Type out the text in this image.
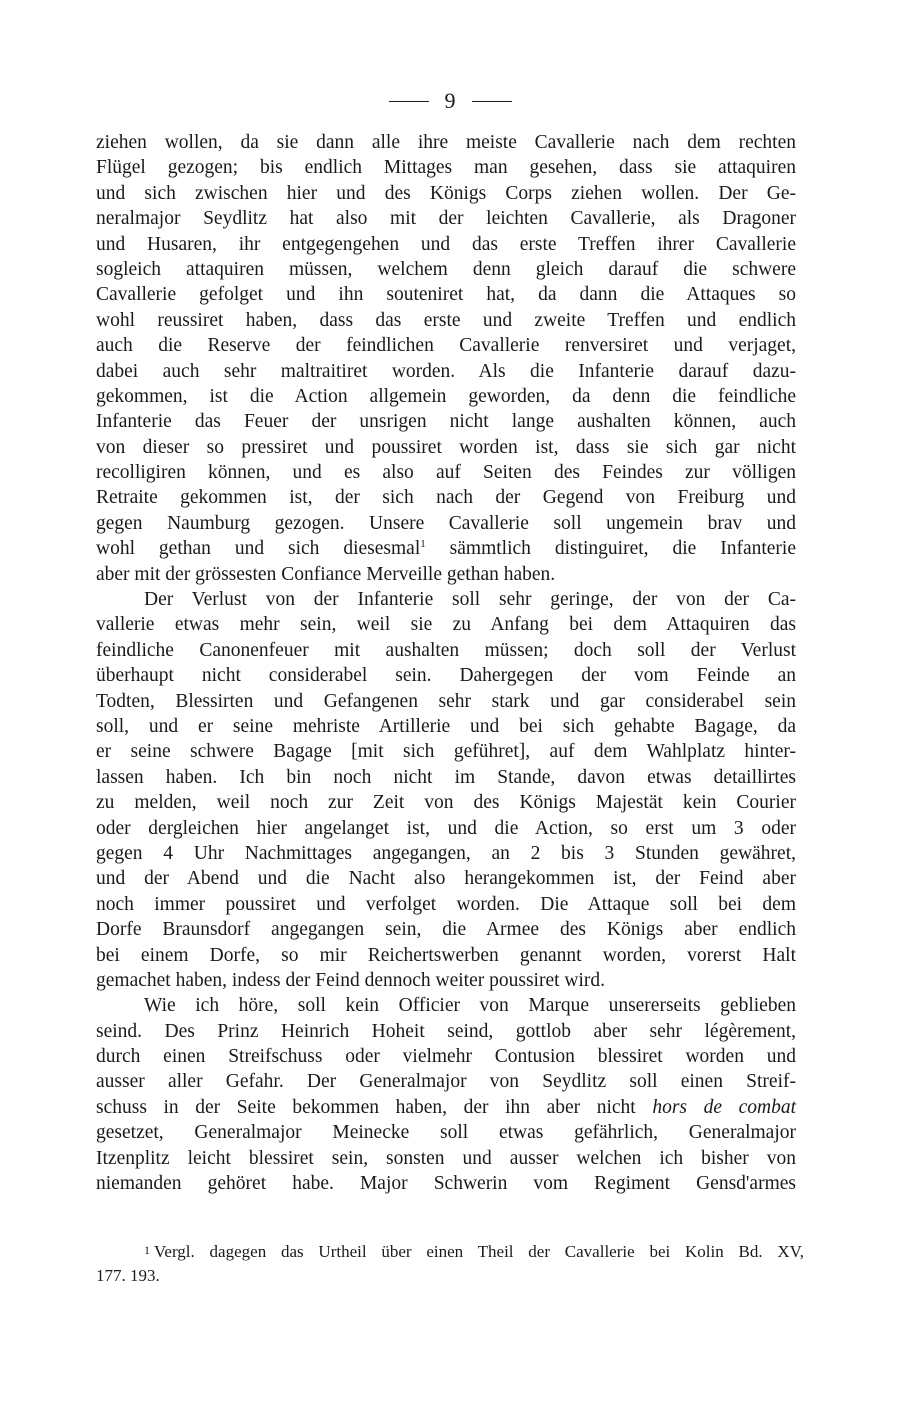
9
ziehen wollen, da sie dann alle ihre meiste Cavallerie nach dem rechten
Flügel gezogen; bis endlich Mittages man gesehen, dass sie attaquiren
und sich zwischen hier und des Königs Corps ziehen wollen. Der Ge-
neralmajor Seydlitz hat also mit der leichten Cavallerie, als Dragoner
und Husaren, ihr entgegengehen und das erste Treffen ihrer Cavallerie
sogleich attaquiren müssen, welchem denn gleich darauf die schwere
Cavallerie gefolget und ihn souteniret hat, da dann die Attaques so
wohl reussiret haben, dass das erste und zweite Treffen und endlich
auch die Reserve der feindlichen Cavallerie renversiret und verjaget,
dabei auch sehr maltraitiret worden. Als die Infanterie darauf dazu-
gekommen, ist die Action allgemein geworden, da denn die feindliche
Infanterie das Feuer der unsrigen nicht lange aushalten können, auch
von dieser so pressiret und poussiret worden ist, dass sie sich gar nicht
recolligiren können, und es also auf Seiten des Feindes zur völligen
Retraite gekommen ist, der sich nach der Gegend von Freiburg und
gegen Naumburg gezogen. Unsere Cavallerie soll ungemein brav und
wohl gethan und sich diesesmal$^1$ sämmtlich distinguiret, die Infanterie
aber mit der grössesten Confiance Merveille gethan haben.
Der Verlust von der Infanterie soll sehr geringe, der von der Ca-
vallerie etwas mehr sein, weil sie zu Anfang bei dem Attaquiren das
feindliche Canonenfeuer mit aushalten müssen; doch soll der Verlust
überhaupt nicht considerabel sein. Dahergegen der vom Feinde an
Todten, Blessirten und Gefangenen sehr stark und gar considerabel sein
soll, und er seine mehriste Artillerie und bei sich gehabte Bagage, da
er seine schwere Bagage [mit sich geführet], auf dem Wahlplatz hinter-
lassen haben. Ich bin noch nicht im Stande, davon etwas detaillirtes
zu melden, weil noch zur Zeit von des Königs Majestät kein Courier
oder dergleichen hier angelanget ist, und die Action, so erst um 3 oder
gegen 4 Uhr Nachmittages angegangen, an 2 bis 3 Stunden gewähret,
und der Abend und die Nacht also herangekommen ist, der Feind aber
noch immer poussiret und verfolget worden. Die Attaque soll bei dem
Dorfe Braunsdorf angegangen sein, die Armee des Königs aber endlich
bei einem Dorfe, so mir Reichertswerben genannt worden, vorerst Halt
gemachet haben, indess der Feind dennoch weiter poussiret wird.
Wie ich höre, soll kein Officier von Marque unsererseits geblieben
seind. Des Prinz Heinrich Hoheit seind, gottlob aber sehr légèrement,
durch einen Streifschuss oder vielmehr Contusion blessiret worden und
ausser aller Gefahr. Der Generalmajor von Seydlitz soll einen Streif-
schuss in der Seite bekommen haben, der ihn aber nicht hors de combat
gesetzet, Generalmajor Meinecke soll etwas gefährlich, Generalmajor
Itzenplitz leicht blessiret sein, sonsten und ausser welchen ich bisher von
niemanden gehöret habe. Major Schwerin vom Regiment Gensd'armes
1 Vergl. dagegen das Urtheil über einen Theil der Cavallerie bei Kolin Bd. XV,
177. 193.
